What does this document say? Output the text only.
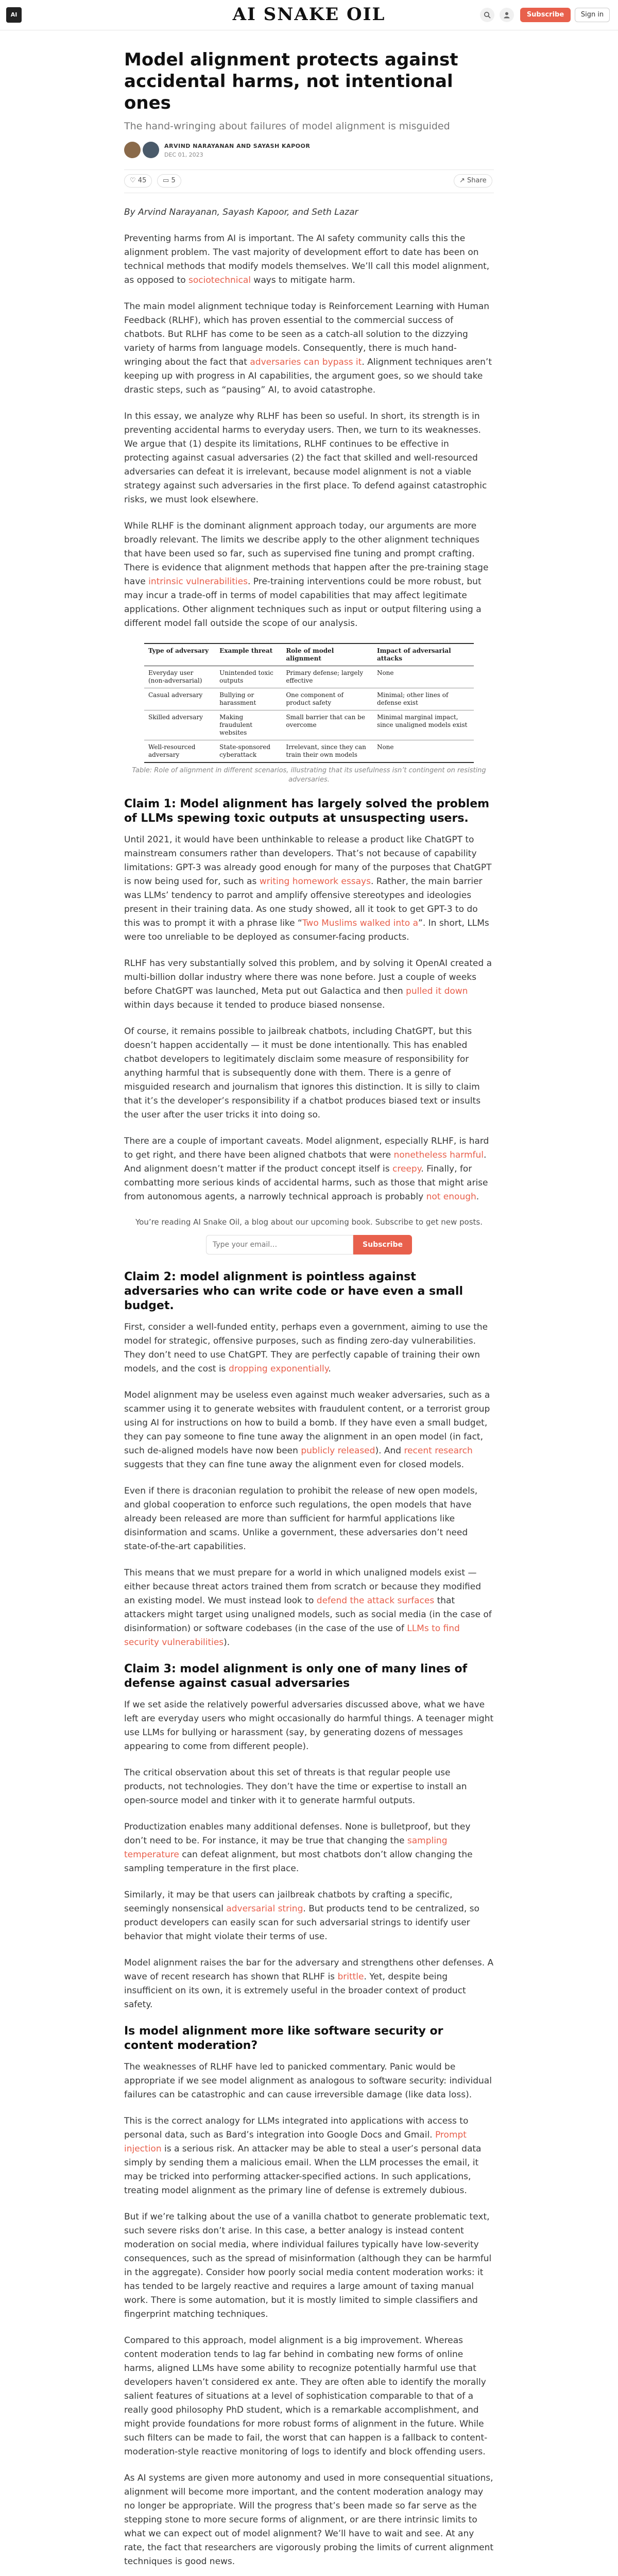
AI	AI SNAKE OIL	Subscribe	Sign in
Model alignment protects against accidental harms, not intentional ones
The hand-wringing about failures of model alignment is misguided
ARVIND NARAYANAN AND SAYASH KAPOOR
DEC 01, 2023
♡ 45	▭ 5	↗ Share

By Arvind Narayanan, Sayash Kapoor, and Seth Lazar

Preventing harms from AI is important. The AI safety community calls this the alignment problem. The vast majority of development effort to date has been on technical methods that modify models themselves. We’ll call this model alignment, as opposed to sociotechnical ways to mitigate harm.

The main model alignment technique today is Reinforcement Learning with Human Feedback (RLHF), which has proven essential to the commercial success of chatbots. But RLHF has come to be seen as a catch-all solution to the dizzying variety of harms from language models. Consequently, there is much hand-wringing about the fact that adversaries can bypass it. Alignment techniques aren’t keeping up with progress in AI capabilities, the argument goes, so we should take drastic steps, such as “pausing” AI, to avoid catastrophe.

In this essay, we analyze why RLHF has been so useful. In short, its strength is in preventing accidental harms to everyday users. Then, we turn to its weaknesses. We argue that (1) despite its limitations, RLHF continues to be effective in protecting against casual adversaries (2) the fact that skilled and well-resourced adversaries can defeat it is irrelevant, because model alignment is not a viable strategy against such adversaries in the first place. To defend against catastrophic risks, we must look elsewhere.

While RLHF is the dominant alignment approach today, our arguments are more broadly relevant. The limits we describe apply to the other alignment techniques that have been used so far, such as supervised fine tuning and prompt crafting. There is evidence that alignment methods that happen after the pre-training stage have intrinsic vulnerabilities. Pre-training interventions could be more robust, but may incur a trade-off in terms of model capabilities that may affect legitimate applications. Other alignment techniques such as input or output filtering using a different model fall outside the scope of our analysis.

Type of adversary	Example threat	Role of model alignment	Impact of adversarial attacks
Everyday user (non-adversarial)	Unintended toxic outputs	Primary defense; largely effective	None
Casual adversary	Bullying or harassment	One component of product safety	Minimal; other lines of defense exist
Skilled adversary	Making fraudulent websites	Small barrier that can be overcome	Minimal marginal impact, since unaligned models exist
Well-resourced adversary	State-sponsored cyberattack	Irrelevant, since they can train their own models	None
Table: Role of alignment in different scenarios, illustrating that its usefulness isn’t contingent on resisting adversaries.
Claim 1: Model alignment has largely solved the problem of LLMs spewing toxic outputs at unsuspecting users.

Until 2021, it would have been unthinkable to release a product like ChatGPT to mainstream consumers rather than developers. That’s not because of capability limitations: GPT-3 was already good enough for many of the purposes that ChatGPT is now being used for, such as writing homework essays. Rather, the main barrier was LLMs’ tendency to parrot and amplify offensive stereotypes and ideologies present in their training data. As one study showed, all it took to get GPT-3 to do this was to prompt it with a phrase like “Two Muslims walked into a”. In short, LLMs were too unreliable to be deployed as consumer-facing products.

RLHF has very substantially solved this problem, and by solving it OpenAI created a multi-billion dollar industry where there was none before. Just a couple of weeks before ChatGPT was launched, Meta put out Galactica and then pulled it down within days because it tended to produce biased nonsense.

Of course, it remains possible to jailbreak chatbots, including ChatGPT, but this doesn’t happen accidentally — it must be done intentionally. This has enabled chatbot developers to legitimately disclaim some measure of responsibility for anything harmful that is subsequently done with them. There is a genre of misguided research and journalism that ignores this distinction. It is silly to claim that it’s the developer’s responsibility if a chatbot produces biased text or insults the user after the user tricks it into doing so.

There are a couple of important caveats. Model alignment, especially RLHF, is hard to get right, and there have been aligned chatbots that were nonetheless harmful. And alignment doesn’t matter if the product concept itself is creepy. Finally, for combatting more serious kinds of accidental harms, such as those that might arise from autonomous agents, a narrowly technical approach is probably not enough.

You’re reading AI Snake Oil, a blog about our upcoming book. Subscribe to get new posts.
Type your email…
Subscribe
Claim 2: model alignment is pointless against adversaries who can write code or have even a small budget.

First, consider a well-funded entity, perhaps even a government, aiming to use the model for strategic, offensive purposes, such as finding zero-day vulnerabilities. They don’t need to use ChatGPT. They are perfectly capable of training their own models, and the cost is dropping exponentially.

Model alignment may be useless even against much weaker adversaries, such as a scammer using it to generate websites with fraudulent content, or a terrorist group using AI for instructions on how to build a bomb. If they have even a small budget, they can pay someone to fine tune away the alignment in an open model (in fact, such de-aligned models have now been publicly released). And recent research suggests that they can fine tune away the alignment even for closed models.

Even if there is draconian regulation to prohibit the release of new open models, and global cooperation to enforce such regulations, the open models that have already been released are more than sufficient for harmful applications like disinformation and scams. Unlike a government, these adversaries don’t need state-of-the-art capabilities.

This means that we must prepare for a world in which unaligned models exist — either because threat actors trained them from scratch or because they modified an existing model. We must instead look to defend the attack surfaces that attackers might target using unaligned models, such as social media (in the case of disinformation) or software codebases (in the case of the use of LLMs to find security vulnerabilities).

Claim 3: model alignment is only one of many lines of defense against casual adversaries

If we set aside the relatively powerful adversaries discussed above, what we have left are everyday users who might occasionally do harmful things. A teenager might use LLMs for bullying or harassment (say, by generating dozens of messages appearing to come from different people).

The critical observation about this set of threats is that regular people use products, not technologies. They don’t have the time or expertise to install an open-source model and tinker with it to generate harmful outputs.

Productization enables many additional defenses. None is bulletproof, but they don’t need to be. For instance, it may be true that changing the sampling temperature can defeat alignment, but most chatbots don’t allow changing the sampling temperature in the first place.

Similarly, it may be that users can jailbreak chatbots by crafting a specific, seemingly nonsensical adversarial string. But products tend to be centralized, so product developers can easily scan for such adversarial strings to identify user behavior that might violate their terms of use.

Model alignment raises the bar for the adversary and strengthens other defenses. A wave of recent research has shown that RLHF is brittle. Yet, despite being insufficient on its own, it is extremely useful in the broader context of product safety.

Is model alignment more like software security or content moderation?

The weaknesses of RLHF have led to panicked commentary. Panic would be appropriate if we see model alignment as analogous to software security: individual failures can be catastrophic and can cause irreversible damage (like data loss).

This is the correct analogy for LLMs integrated into applications with access to personal data, such as Bard’s integration into Google Docs and Gmail. Prompt injection is a serious risk. An attacker may be able to steal a user’s personal data simply by sending them a malicious email. When the LLM processes the email, it may be tricked into performing attacker-specified actions. In such applications, treating model alignment as the primary line of defense is extremely dubious.

But if we’re talking about the use of a vanilla chatbot to generate problematic text, such severe risks don’t arise. In this case, a better analogy is instead content moderation on social media, where individual failures typically have low-severity consequences, such as the spread of misinformation (although they can be harmful in the aggregate). Consider how poorly social media content moderation works: it has tended to be largely reactive and requires a large amount of taxing manual work. There is some automation, but it is mostly limited to simple classifiers and fingerprint matching techniques.

Compared to this approach, model alignment is a big improvement. Whereas content moderation tends to lag far behind in combating new forms of online harms, aligned LLMs have some ability to recognize potentially harmful use that developers haven’t considered ex ante. They are often able to identify the morally salient features of situations at a level of sophistication comparable to that of a really good philosophy PhD student, which is a remarkable accomplishment, and might provide foundations for more robust forms of alignment in the future. While such filters can be made to fail, the worst that can happen is a fallback to content-moderation-style reactive monitoring of logs to identify and block offending users.

As AI systems are given more autonomy and used in more consequential situations, alignment will become more important, and the content moderation analogy may no longer be appropriate. Will the progress that’s been made so far serve as the stepping stone to more secure forms of alignment, or are there intrinsic limits to what we can expect out of model alignment? We’ll have to wait and see. At any rate, the fact that researchers are vigorously probing the limits of current alignment techniques is good news.
